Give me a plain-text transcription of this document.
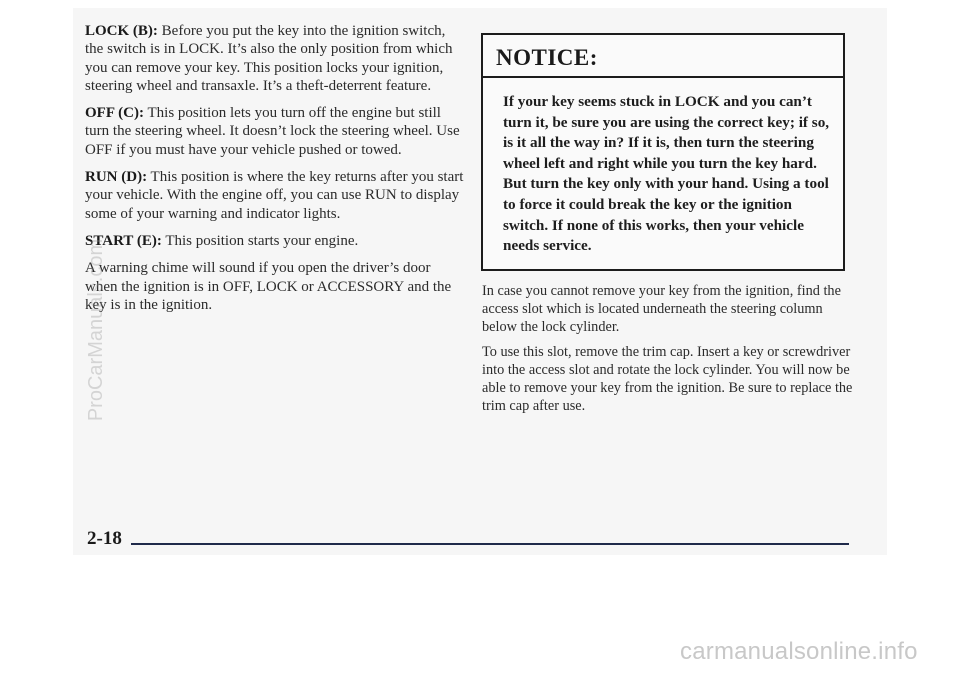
LOCK (B): Before you put the key into the ignition switch, the switch is in LOCK. It’s also the only position from which you can remove your key. This position locks your ignition, steering wheel and transaxle. It’s a theft-deterrent feature.

OFF (C): This position lets you turn off the engine but still turn the steering wheel. It doesn’t lock the steering wheel. Use OFF if you must have your vehicle pushed or towed.

RUN (D): This position is where the key returns after you start your vehicle. With the engine off, you can use RUN to display some of your warning and indicator lights.

START (E): This position starts your engine.

A warning chime will sound if you open the driver’s door when the ignition is in OFF, LOCK or ACCESSORY and the key is in the ignition.

NOTICE:
If your key seems stuck in LOCK and you can’t turn it, be sure you are using the correct key; if so, is it all the way in? If it is, then turn the steering wheel left and right while you turn the key hard. But turn the key only with your hand. Using a tool to force it could break the key or the ignition switch. If none of this works, then your vehicle needs service.

In case you cannot remove your key from the ignition, find the access slot which is located underneath the steering column below the lock cylinder.

To use this slot, remove the trim cap. Insert a key or screwdriver into the access slot and rotate the lock cylinder. You will now be able to remove your key from the ignition. Be sure to replace the trim cap after use.

2-18
ProCarManuals.com
carmanualsonline.info
